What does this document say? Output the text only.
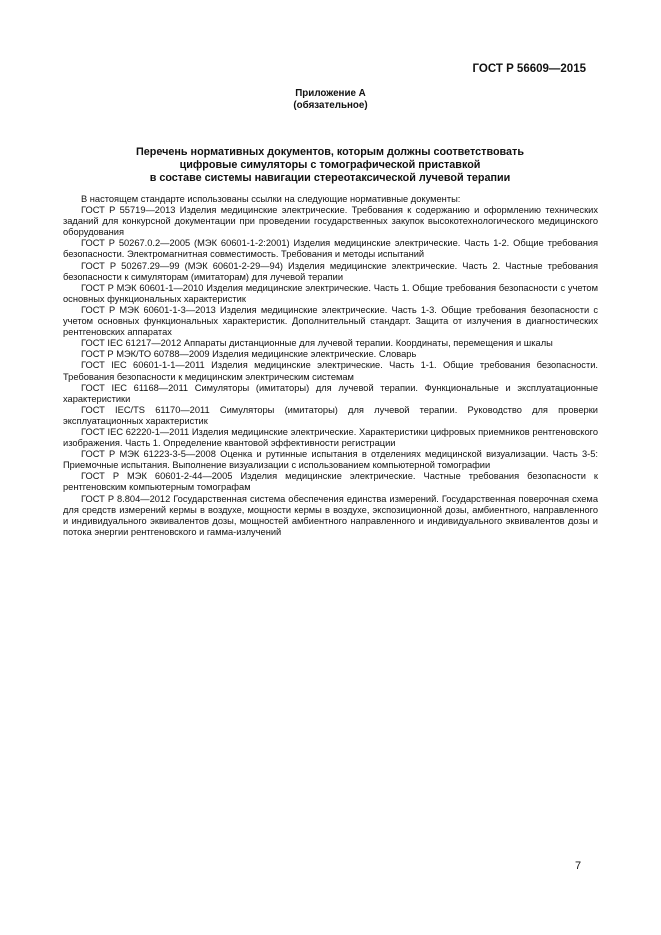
ГОСТ Р 56609—2015
Приложение А
(обязательное)
Перечень нормативных документов, которым должны соответствовать
цифровые симуляторы с томографической приставкой
в составе системы навигации стереотаксической лучевой терапии

В настоящем стандарте использованы ссылки на следующие нормативные документы:

ГОСТ Р 55719—2013 Изделия медицинские электрические. Требования к содержанию и оформлению технических заданий для конкурсной документации при проведении государственных закупок высокотехнологического медицинского оборудования

ГОСТ Р 50267.0.2—2005 (МЭК 60601-1-2:2001) Изделия медицинские электрические. Часть 1-2. Общие требования безопасности. Электромагнитная совместимость. Требования и методы испытаний

ГОСТ Р 50267.29—99 (МЭК 60601-2-29—94) Изделия медицинские электрические. Часть 2. Частные требования безопасности к симуляторам (имитаторам) для лучевой терапии

ГОСТ Р МЭК 60601-1—2010 Изделия медицинские электрические. Часть 1. Общие требования безопасности с учетом основных функциональных характеристик

ГОСТ Р МЭК 60601-1-3—2013 Изделия медицинские электрические. Часть 1-3. Общие требования безопасности с учетом основных функциональных характеристик. Дополнительный стандарт. Защита от излучения в диагностических рентгеновских аппаратах

ГОСТ IEC 61217—2012 Аппараты дистанционные для лучевой терапии. Координаты, перемещения и шкалы

ГОСТ Р МЭК/ТО 60788—2009 Изделия медицинские электрические. Словарь

ГОСТ IEC 60601-1-1—2011 Изделия медицинские электрические. Часть 1-1. Общие требования безопасности. Требования безопасности к медицинским электрическим системам

ГОСТ IEC 61168—2011 Симуляторы (имитаторы) для лучевой терапии. Функциональные и эксплуатационные характеристики

ГОСТ IEC/TS 61170—2011 Симуляторы (имитаторы) для лучевой терапии. Руководство для проверки эксплуатационных характеристик

ГОСТ IEC 62220-1—2011 Изделия медицинские электрические. Характеристики цифровых приемников рентгеновского изображения. Часть 1. Определение квантовой эффективности регистрации

ГОСТ Р МЭК 61223-3-5—2008 Оценка и рутинные испытания в отделениях медицинской визуализации. Часть 3-5: Приемочные испытания. Выполнение визуализации с использованием компьютерной томографии

ГОСТ Р МЭК 60601-2-44—2005 Изделия медицинские электрические. Частные требования безопасности к рентгеновским компьютерным томографам

ГОСТ Р 8.804—2012 Государственная система обеспечения единства измерений. Государственная поверочная схема для средств измерений кермы в воздухе, мощности кермы в воздухе, экспозиционной дозы, амбиентного, направленного и индивидуального эквивалентов дозы, мощностей амбиентного направленного и индивидуального эквивалентов дозы и потока энергии рентгеновского и гамма-излучений

7
